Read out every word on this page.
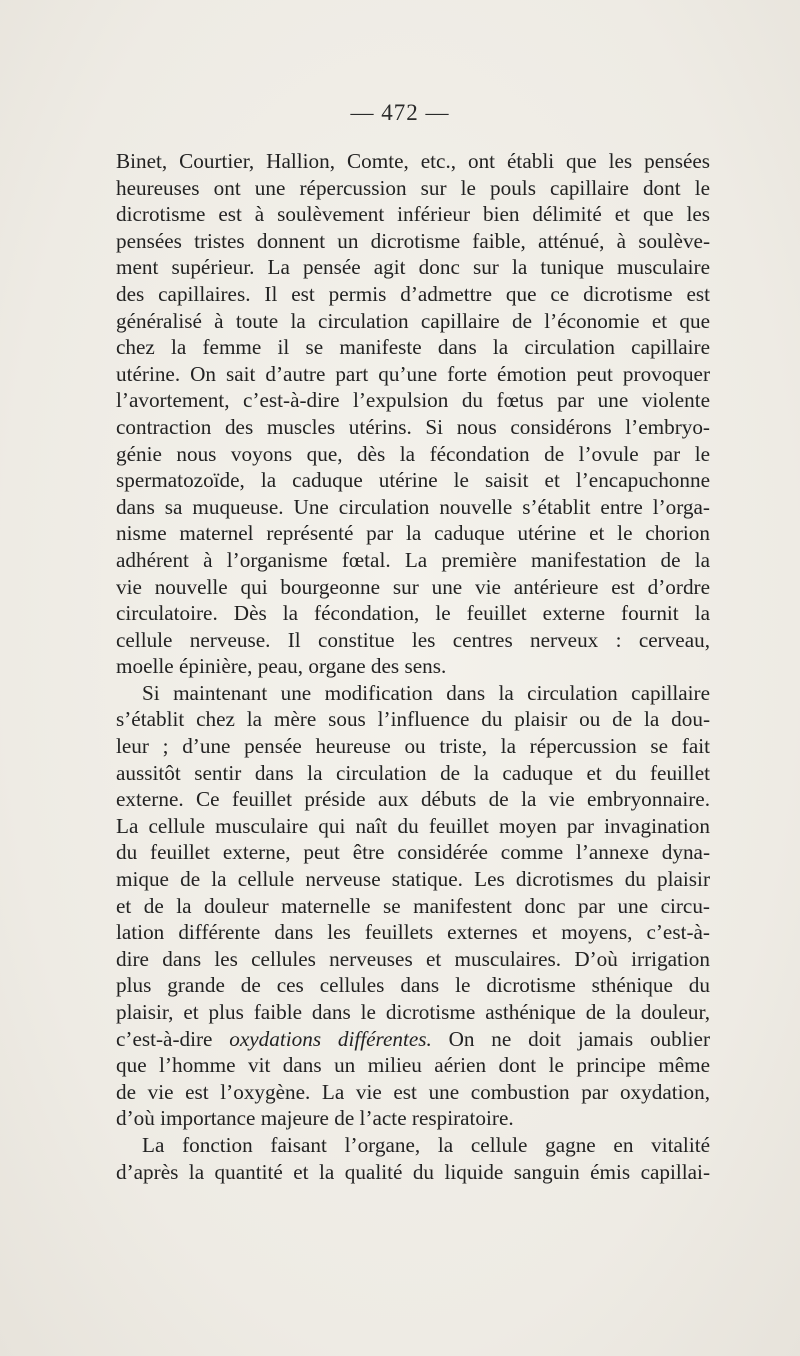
— 472 —
Binet, Courtier, Hallion, Comte, etc., ont établi que les pensées
heureuses ont une répercussion sur le pouls capillaire dont le
dicrotisme est à soulèvement inférieur bien délimité et que les
pensées tristes donnent un dicrotisme faible, atténué, à soulève-
ment supérieur. La pensée agit donc sur la tunique musculaire
des capillaires. Il est permis d’admettre que ce dicrotisme est
généralisé à toute la circulation capillaire de l’économie et que
chez la femme il se manifeste dans la circulation capillaire
utérine. On sait d’autre part qu’une forte émotion peut provoquer
l’avortement, c’est-à-dire l’expulsion du fœtus par une violente
contraction des muscles utérins. Si nous considérons l’embryo-
génie nous voyons que, dès la fécondation de l’ovule par le
spermatozoïde, la caduque utérine le saisit et l’encapuchonne
dans sa muqueuse. Une circulation nouvelle s’établit entre l’orga-
nisme maternel représenté par la caduque utérine et le chorion
adhérent à l’organisme fœtal. La première manifestation de la
vie nouvelle qui bourgeonne sur une vie antérieure est d’ordre
circulatoire. Dès la fécondation, le feuillet externe fournit la
cellule nerveuse. Il constitue les centres nerveux : cerveau,
moelle épinière, peau, organe des sens.
Si maintenant une modification dans la circulation capillaire
s’établit chez la mère sous l’influence du plaisir ou de la dou-
leur ; d’une pensée heureuse ou triste, la répercussion se fait
aussitôt sentir dans la circulation de la caduque et du feuillet
externe. Ce feuillet préside aux débuts de la vie embryonnaire.
La cellule musculaire qui naît du feuillet moyen par invagination
du feuillet externe, peut être considérée comme l’annexe dyna-
mique de la cellule nerveuse statique. Les dicrotismes du plaisir
et de la douleur maternelle se manifestent donc par une circu-
lation différente dans les feuillets externes et moyens, c’est-à-
dire dans les cellules nerveuses et musculaires. D’où irrigation
plus grande de ces cellules dans le dicrotisme sthénique du
plaisir, et plus faible dans le dicrotisme asthénique de la douleur,
c’est-à-dire oxydations différentes. On ne doit jamais oublier
que l’homme vit dans un milieu aérien dont le principe même
de vie est l’oxygène. La vie est une combustion par oxydation,
d’où importance majeure de l’acte respiratoire.
La fonction faisant l’organe, la cellule gagne en vitalité
d’après la quantité et la qualité du liquide sanguin émis capillai-
